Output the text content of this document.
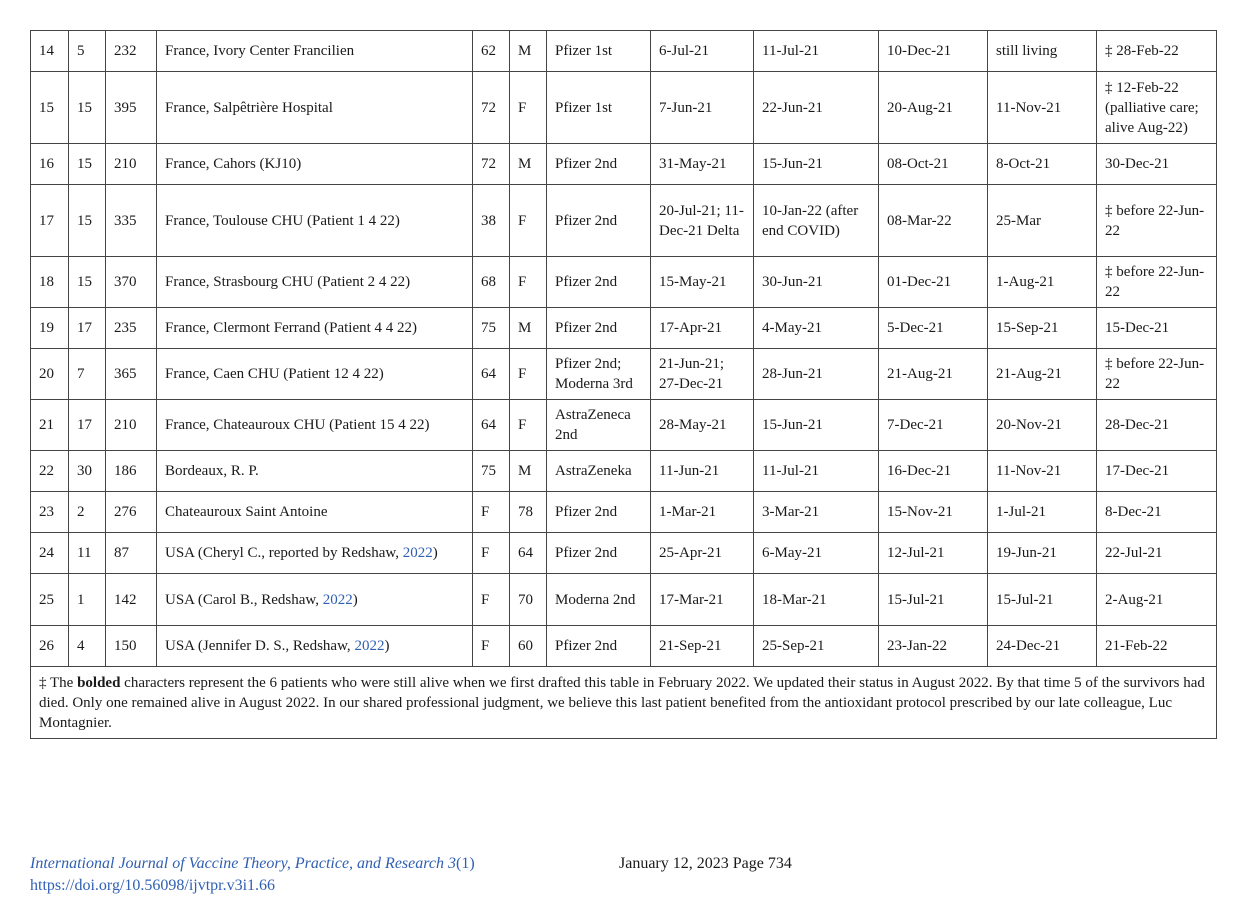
14	5	232	France, Ivory Center Francilien	62	M	Pfizer 1st	6-Jul-21	11-Jul-21	10-Dec-21	still living	‡ 28-Feb-22
15	15	395	France, Salpêtrière Hospital	72	F	Pfizer 1st	7-Jun-21	22-Jun-21	20-Aug-21	11-Nov-21	‡ 12-Feb-22 (palliative care; alive Aug-22)
16	15	210	France, Cahors (KJ10)	72	M	Pfizer 2nd	31-May-21	15-Jun-21	08-Oct-21	8-Oct-21	30-Dec-21
17	15	335	France, Toulouse CHU (Patient 1 4 22)	38	F	Pfizer 2nd	20-Jul-21; 11-Dec-21 Delta	10-Jan-22 (after end COVID)	08-Mar-22	25-Mar	‡ before 22-Jun-22
18	15	370	France, Strasbourg CHU (Patient 2 4 22)	68	F	Pfizer 2nd	15-May-21	30-Jun-21	01-Dec-21	1-Aug-21	‡ before 22-Jun-22
19	17	235	France, Clermont Ferrand (Patient 4 4 22)	75	M	Pfizer 2nd	17-Apr-21	4-May-21	5-Dec-21	15-Sep-21	15-Dec-21
20	7	365	France, Caen CHU (Patient 12 4 22)	64	F	Pfizer 2nd; Moderna 3rd	21-Jun-21; 27-Dec-21	28-Jun-21	21-Aug-21	21-Aug-21	‡ before 22-Jun-22
21	17	210	France, Chateauroux CHU (Patient 15 4 22)	64	F	AstraZeneca 2nd	28-May-21	15-Jun-21	7-Dec-21	20-Nov-21	28-Dec-21
22	30	186	Bordeaux, R. P.	75	M	AstraZeneka	11-Jun-21	11-Jul-21	16-Dec-21	11-Nov-21	17-Dec-21
23	2	276	Chateauroux Saint Antoine	F	78	Pfizer 2nd	1-Mar-21	3-Mar-21	15-Nov-21	1-Jul-21	8-Dec-21
24	11	87	USA (Cheryl C., reported by Redshaw, 2022)	F	64	Pfizer 2nd	25-Apr-21	6-May-21	12-Jul-21	19-Jun-21	22-Jul-21
25	1	142	USA (Carol B., Redshaw, 2022)	F	70	Moderna 2nd	17-Mar-21	18-Mar-21	15-Jul-21	15-Jul-21	2-Aug-21
26	4	150	USA (Jennifer D. S., Redshaw, 2022)	F	60	Pfizer 2nd	21-Sep-21	25-Sep-21	23-Jan-22	24-Dec-21	21-Feb-22
‡ The bolded characters represent the 6 patients who were still alive when we first drafted this table in February 2022. We updated their status in August 2022. By that time 5 of the survivors had died. Only one remained alive in August 2022. In our shared professional judgment, we believe this last patient benefited from the antioxidant protocol prescribed by our late colleague, Luc Montagnier.											
International Journal of Vaccine Theory, Practice, and Research 3(1)
https://doi.org/10.56098/ijvtpr.v3i1.66
January 12, 2023 Page 734
